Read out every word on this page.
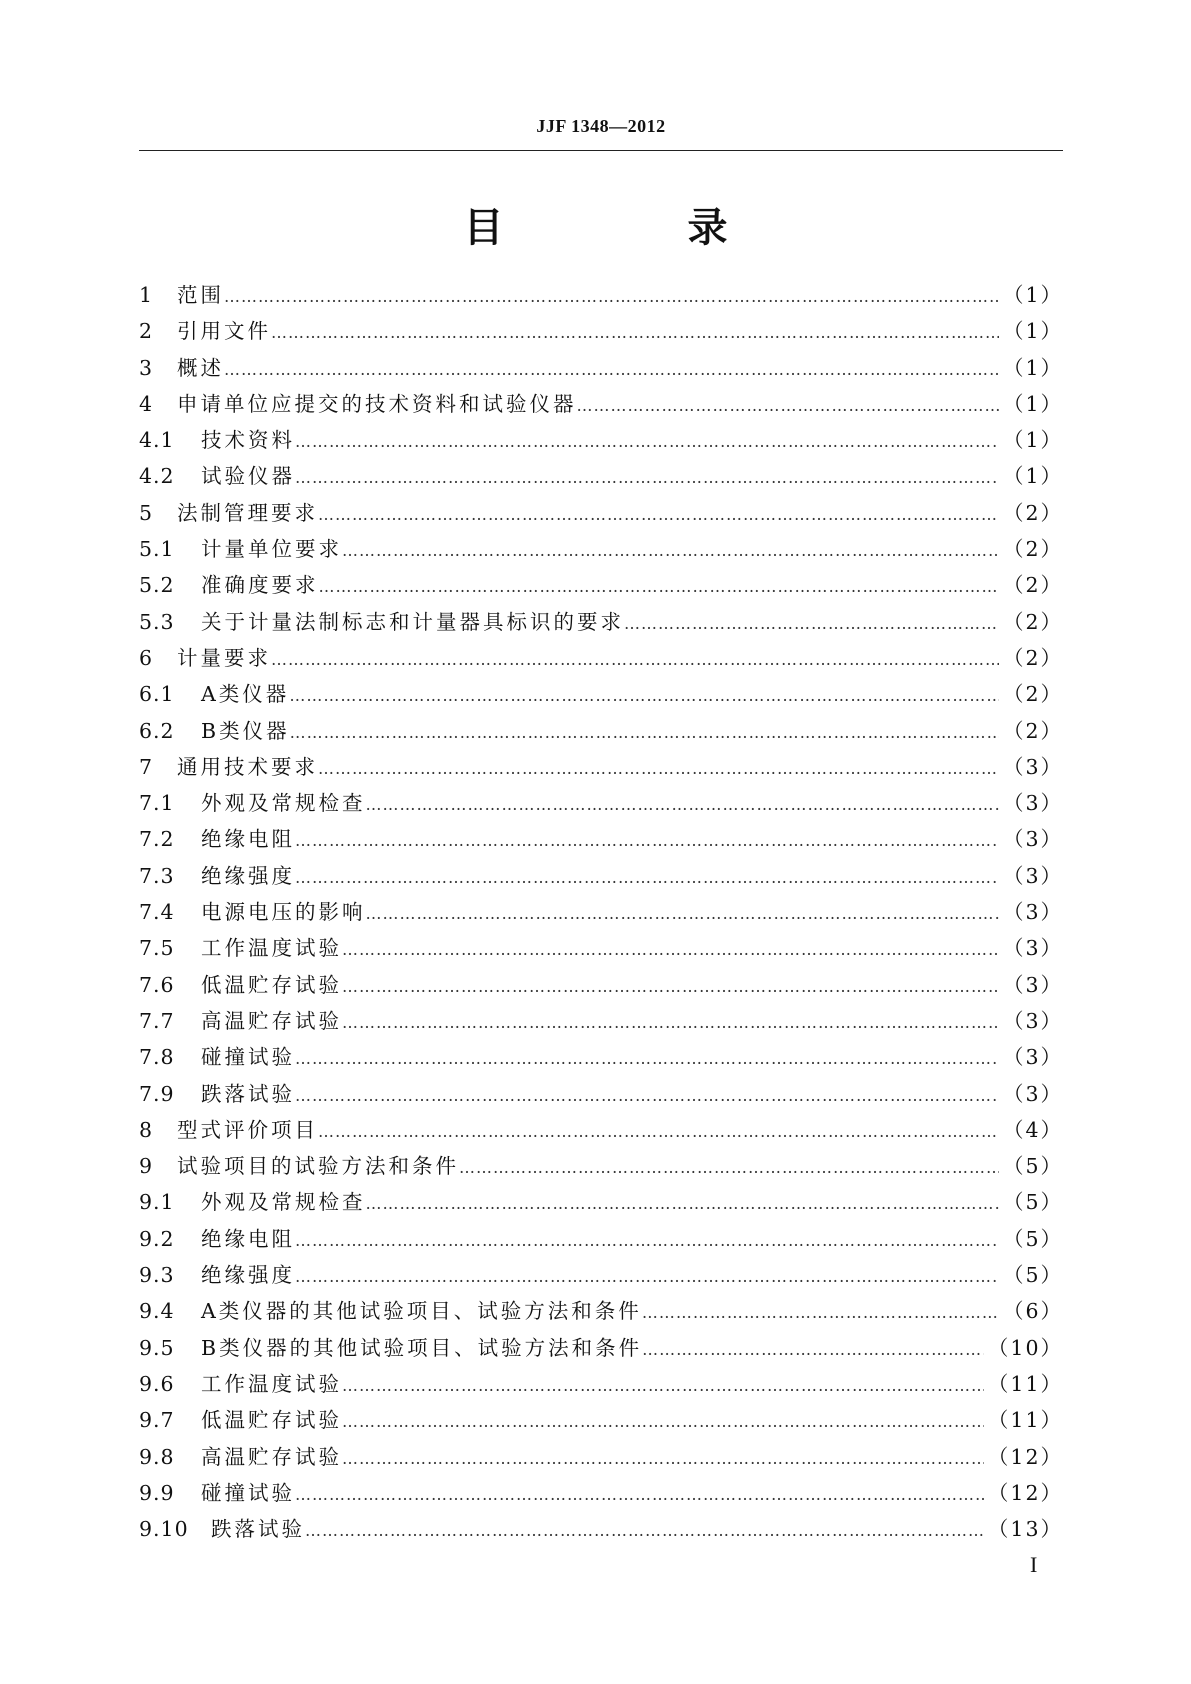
JJF 1348—2012
目　录
1	范围 ……………………………………………………………………………………………………………………………………………………………………	（1）
2	引用文件 ……………………………………………………………………………………………………………………………………………………………………	（1）
3	概述 ……………………………………………………………………………………………………………………………………………………………………	（1）
4	申请单位应提交的技术资料和试验仪器 ……………………………………………………………………………………………………………………………………………………………………	（1）
4.1	技术资料 ……………………………………………………………………………………………………………………………………………………………………	（1）
4.2	试验仪器 ……………………………………………………………………………………………………………………………………………………………………	（1）
5	法制管理要求 ……………………………………………………………………………………………………………………………………………………………………	（2）
5.1	计量单位要求 ……………………………………………………………………………………………………………………………………………………………………	（2）
5.2	准确度要求 ……………………………………………………………………………………………………………………………………………………………………	（2）
5.3	关于计量法制标志和计量器具标识的要求 ……………………………………………………………………………………………………………………………………………………………………	（2）
6	计量要求 ……………………………………………………………………………………………………………………………………………………………………	（2）
6.1	A类仪器 ……………………………………………………………………………………………………………………………………………………………………	（2）
6.2	B类仪器 ……………………………………………………………………………………………………………………………………………………………………	（2）
7	通用技术要求 ……………………………………………………………………………………………………………………………………………………………………	（3）
7.1	外观及常规检查 ……………………………………………………………………………………………………………………………………………………………………	（3）
7.2	绝缘电阻 ……………………………………………………………………………………………………………………………………………………………………	（3）
7.3	绝缘强度 ……………………………………………………………………………………………………………………………………………………………………	（3）
7.4	电源电压的影响 ……………………………………………………………………………………………………………………………………………………………………	（3）
7.5	工作温度试验 ……………………………………………………………………………………………………………………………………………………………………	（3）
7.6	低温贮存试验 ……………………………………………………………………………………………………………………………………………………………………	（3）
7.7	高温贮存试验 ……………………………………………………………………………………………………………………………………………………………………	（3）
7.8	碰撞试验 ……………………………………………………………………………………………………………………………………………………………………	（3）
7.9	跌落试验 ……………………………………………………………………………………………………………………………………………………………………	（3）
8	型式评价项目 ……………………………………………………………………………………………………………………………………………………………………	（4）
9	试验项目的试验方法和条件 ……………………………………………………………………………………………………………………………………………………………………	（5）
9.1	外观及常规检查 ……………………………………………………………………………………………………………………………………………………………………	（5）
9.2	绝缘电阻 ……………………………………………………………………………………………………………………………………………………………………	（5）
9.3	绝缘强度 ……………………………………………………………………………………………………………………………………………………………………	（5）
9.4	A类仪器的其他试验项目、试验方法和条件 ……………………………………………………………………………………………………………………………………………………………………	（6）
9.5	B类仪器的其他试验项目、试验方法和条件 ……………………………………………………………………………………………………………………………………………………………………	（10）
9.6	工作温度试验 ……………………………………………………………………………………………………………………………………………………………………	（11）
9.7	低温贮存试验 ……………………………………………………………………………………………………………………………………………………………………	（11）
9.8	高温贮存试验 ……………………………………………………………………………………………………………………………………………………………………	（12）
9.9	碰撞试验 ……………………………………………………………………………………………………………………………………………………………………	（12）
9.10	跌落试验 ……………………………………………………………………………………………………………………………………………………………………	（13）
I
